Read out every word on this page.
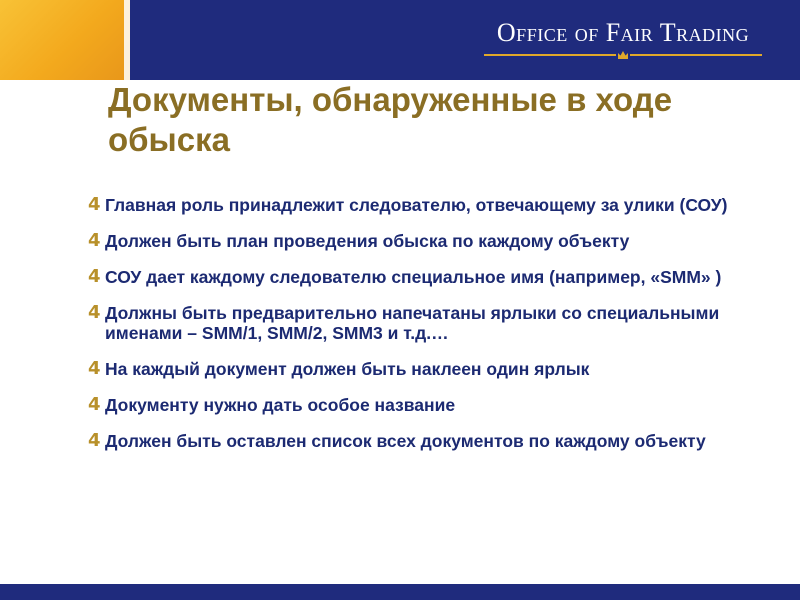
Office of Fair Trading
Документы, обнаруженные в ходе обыска
4 Главная роль принадлежит следователю, отвечающему за улики (СОУ)
4 Должен быть план проведения обыска по каждому объекту
4 СОУ дает каждому следователю специальное имя (например, «SMM» )
4 Должны быть предварительно напечатаны ярлыки со специальными именами – SMM/1, SMM/2, SMM3 и т.д.…
4 На каждый документ должен быть наклеен один ярлык
4 Документу нужно дать особое название
4 Должен быть оставлен список всех документов по каждому объекту
